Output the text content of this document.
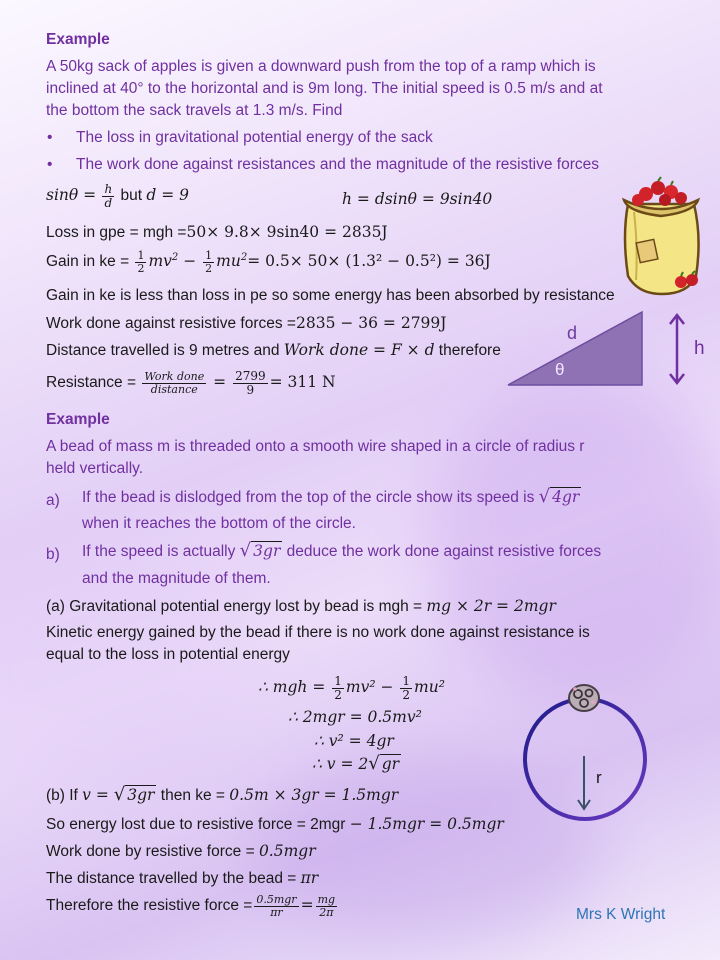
Example
A 50kg sack of apples is given a downward push from the top of a ramp which is
inclined at 40° to the horizontal and is 9m long. The initial speed is 0.5 m/s and at
the bottom the sack travels at 1.3 m/s. Find
• The loss in gravitational potential energy of the sack
• The work done against resistances and the magnitude of the resistive forces
$\sin\theta = \frac{h}{d}$ but d = 9	h = dsinθ = 9sin40
Loss in gpe = mgh =50× 9.8× 9sin40 = 2835J
Gain in ke = $\frac{1}{2} mv^2 - \frac{1}{2} mu^2= 0.5\times 50\times (1.3^2 - 0.5^2) = 36J$
Gain in ke is less than loss in pe so some energy has been absorbed by resistance
Work done against resistive forces =2835 − 36 = 2799J
Distance travelled is 9 metres and Work done = F × d therefore
Resistance = $\frac{\text{Work done}}{\text{distance}} = \frac{2799}{9} = 311$ N
d
θ
h
Example
A bead of mass m is threaded onto a smooth wire shaped in a circle of radius r
held vertically.
a) If the bead is dislodged from the top of the circle show its speed is √ 4gr
when it reaches the bottom of the circle.
b) If the speed is actually √ 3gr deduce the work done against resistive forces
and the magnitude of them.
(a) Gravitational potential energy lost by bead is mgh = mg × 2r = 2mgr
Kinetic energy gained by the bead if there is no work done against resistance is
equal to the loss in potential energy
∴ mgh = $\frac{1}{2} mv^2 - \frac{1}{2} mu^2$
∴ 2mgr = 0.5mv²
∴ v² = 4gr
∴ v = 2√ gr
(b) If v = √ 3gr then ke = 0.5m × 3gr = 1.5mgr
So energy lost due to resistive force = 2mgr − 1.5mgr = 0.5mgr
Work done by resistive force = 0.5mgr
The distance travelled by the bead = πr
Therefore the resistive force = $\frac{\text{0.5mgr}}{\pi r} = \frac{mg}{2\pi}$
r
Mrs K Wright
